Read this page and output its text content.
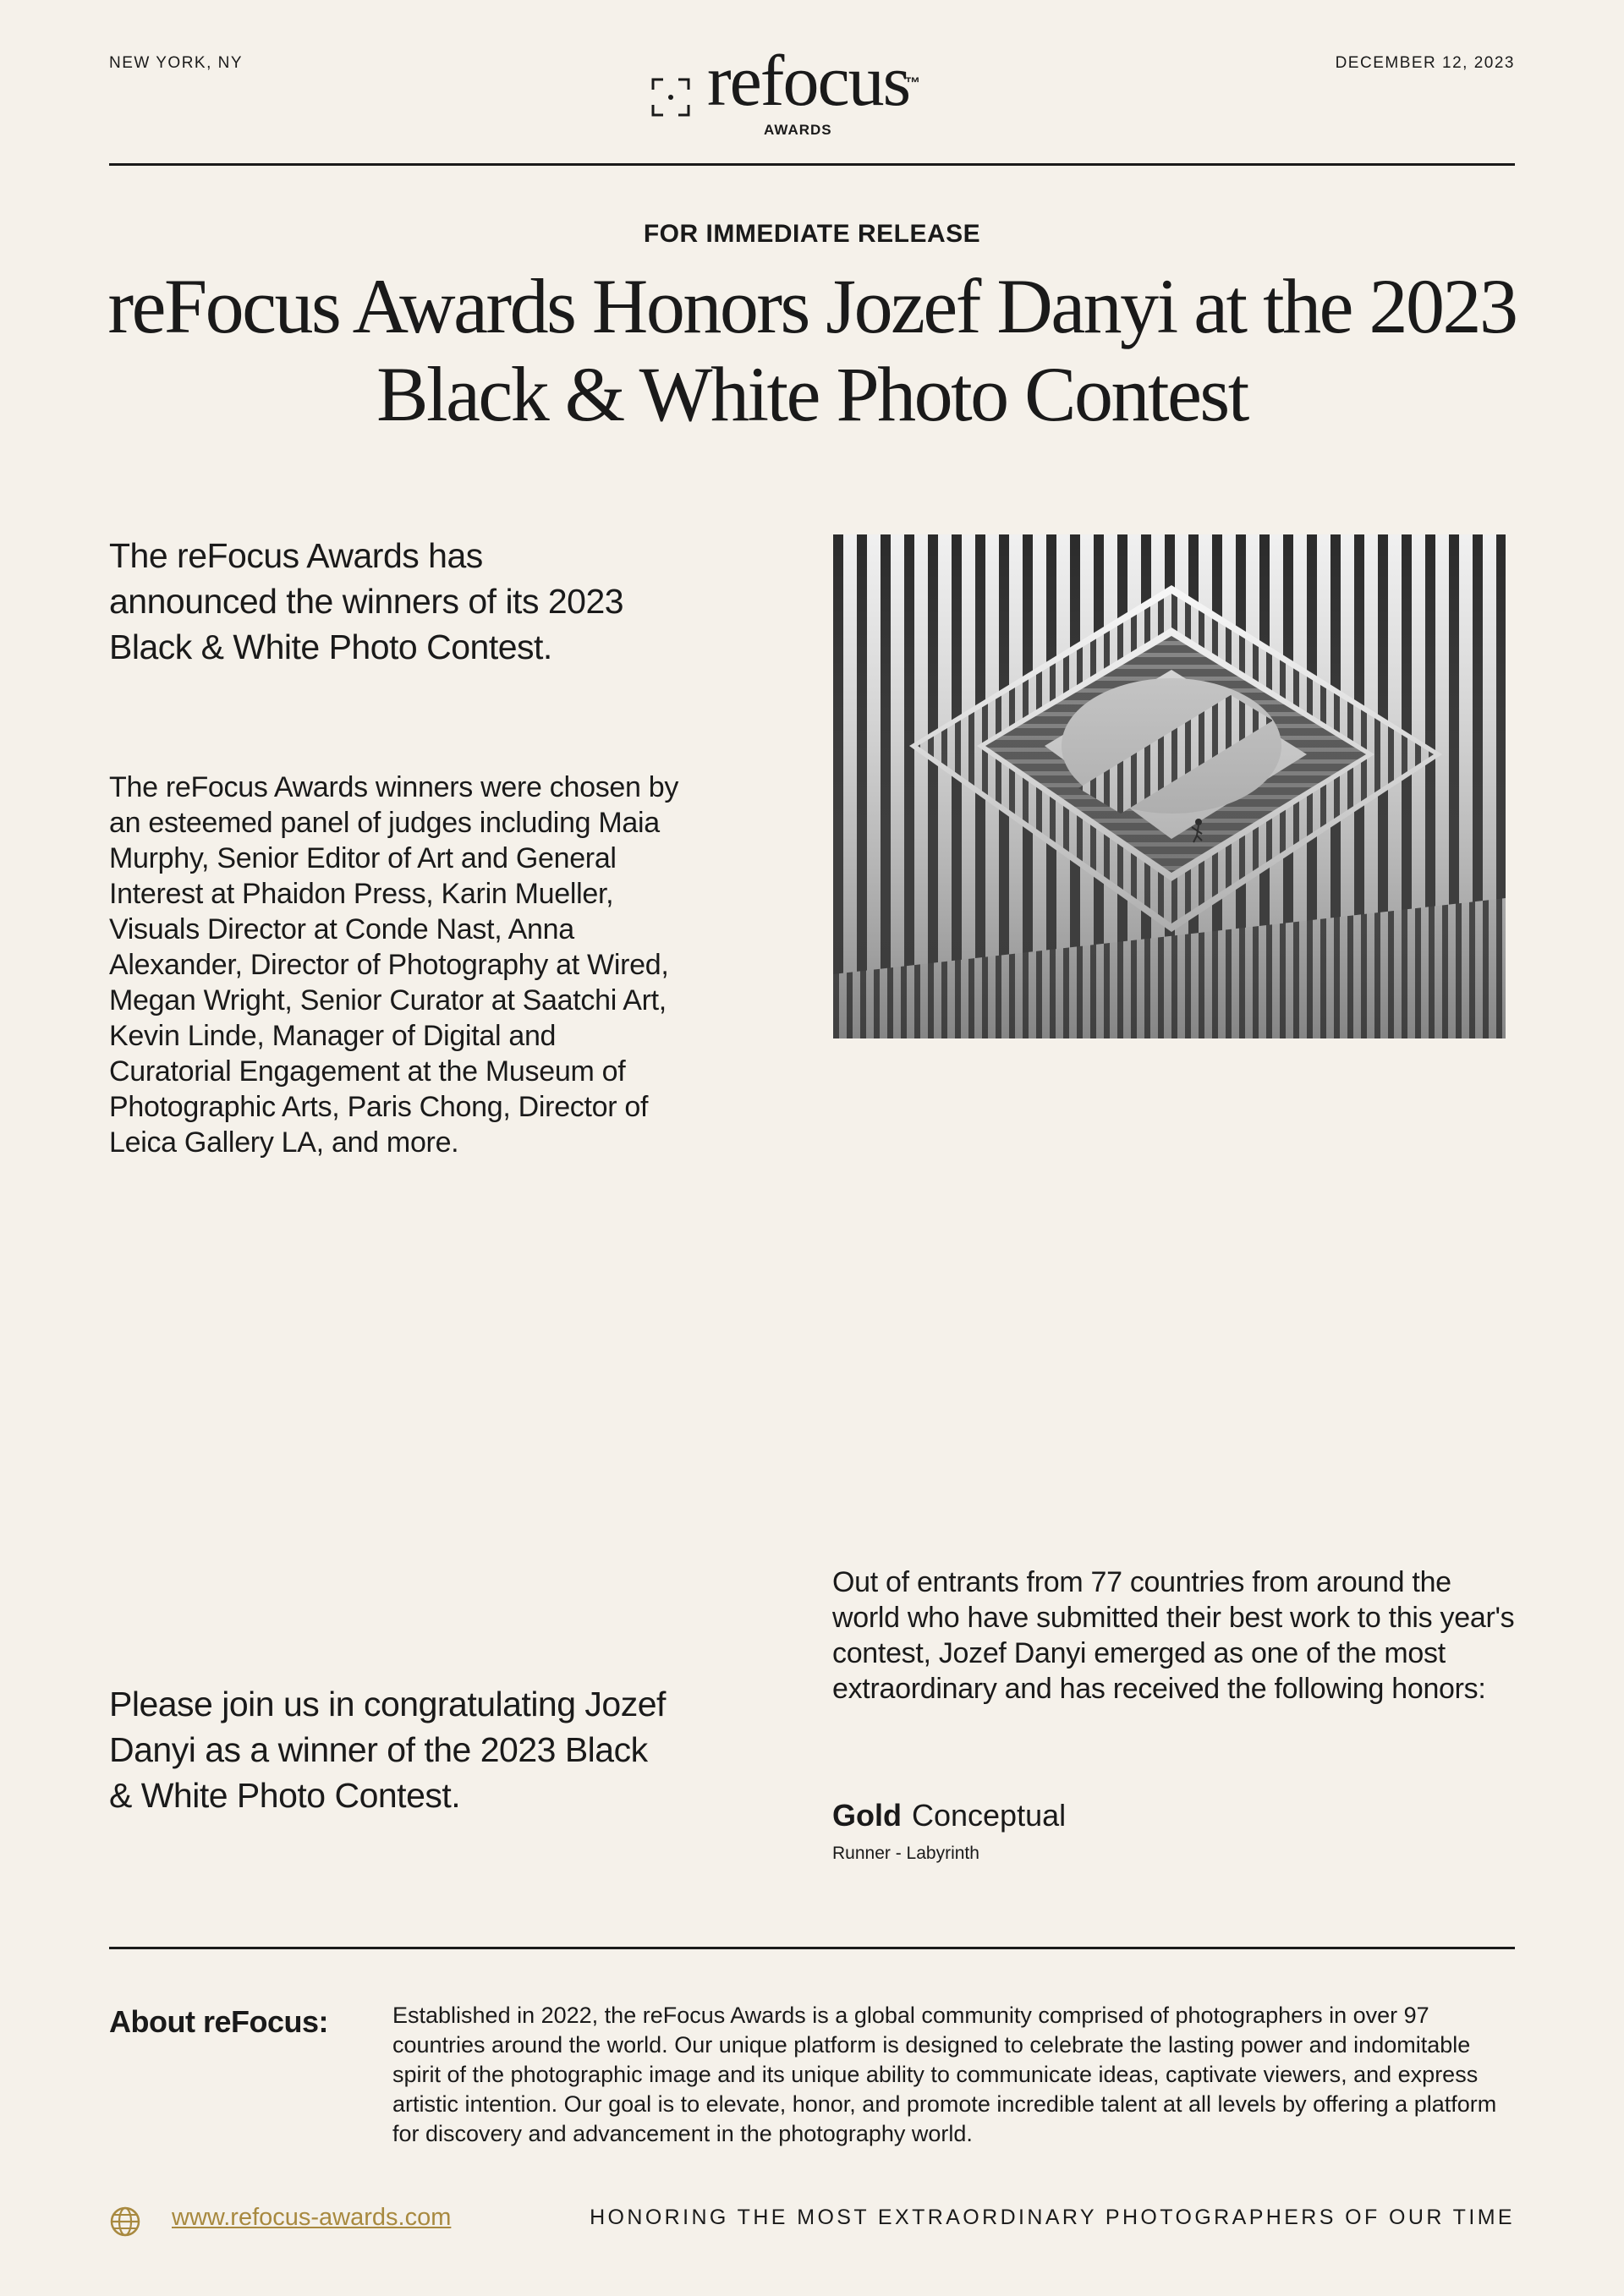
NEW YORK, NY	refocus
™
AWARDS
DECEMBER 12, 2023
FOR IMMEDIATE RELEASE
reFocus Awards Honors Jozef Danyi at the 2023 Black & White Photo Contest
The reFocus Awards has announced the winners of its 2023 Black & White Photo Contest.
The reFocus Awards winners were chosen by an esteemed panel of judges including Maia Murphy, Senior Editor of Art and General Interest at Phaidon Press, Karin Mueller, Visuals Director at Conde Nast, Anna Alexander, Director of Photography at Wired, Megan Wright, Senior Curator at Saatchi Art, Kevin Linde, Manager of Digital and Curatorial Engagement at the Museum of Photographic Arts, Paris Chong, Director of Leica Gallery LA, and more.
Out of entrants from 77 countries from around the world who have submitted their best work to this year's contest, Jozef Danyi emerged as one of the most extraordinary and has received the following honors:
Please join us in congratulating Jozef Danyi as a winner of the 2023 Black & White Photo Contest.
Gold Conceptual
Runner - Labyrinth
About reFocus:	Established in 2022, the reFocus Awards is a global community comprised of photographers in over 97 countries around the world. Our unique platform is designed to celebrate the lasting power and indomitable spirit of the photographic image and its unique ability to communicate ideas, captivate viewers, and express artistic intention. Our goal is to elevate, honor, and promote incredible talent at all levels by offering a platform for discovery and advancement in the photography world.
www.refocus-awards.com	HONORING THE MOST EXTRAORDINARY PHOTOGRAPHERS OF OUR TIME
